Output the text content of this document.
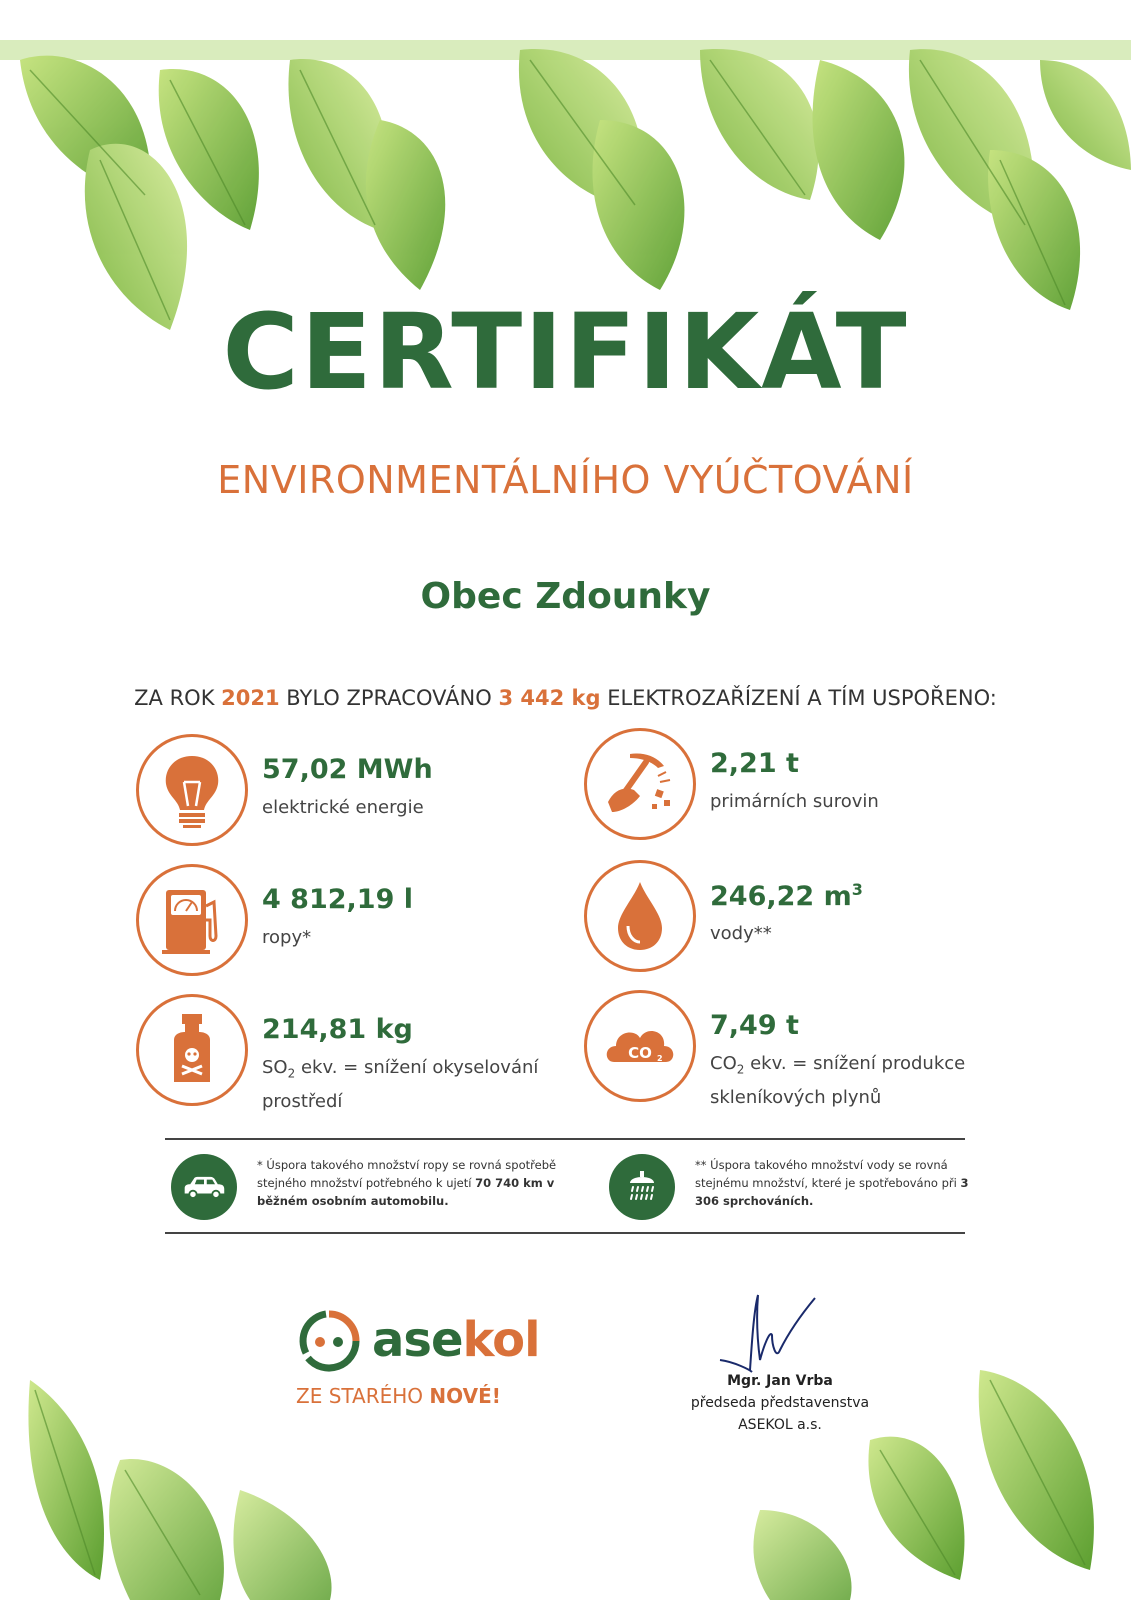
CERTIFIKÁT
ENVIRONMENTÁLNÍHO VYÚČTOVÁNÍ
Obec Zdounky
ZA ROK 2021 BYLO ZPRACOVÁNO 3 442 kg ELEKTROZAŘÍZENÍ A TÍM USPOŘENO:
57,02 MWh
elektrické energie
2,21 t
primárních surovin
4 812,19 l
ropy*
246,22 $m^3$
vody**
214,81 kg
$SO_2$ ekv. = snížení okyselování prostředí
CO 2
7,49 t
$CO_2$ ekv. = snížení produkce skleníkových plynů
* Úspora takového množství ropy se rovná spotřebě stejného množství potřebného k ujetí 70 740 km v běžném osobním automobilu.
** Úspora takového množství vody se rovná stejnému množství, které je spotřebováno při 3 306 sprchováních.
asekol
ZE STARÉHO NOVÉ!
Mgr. Jan Vrba
předseda představenstva
ASEKOL a.s.
